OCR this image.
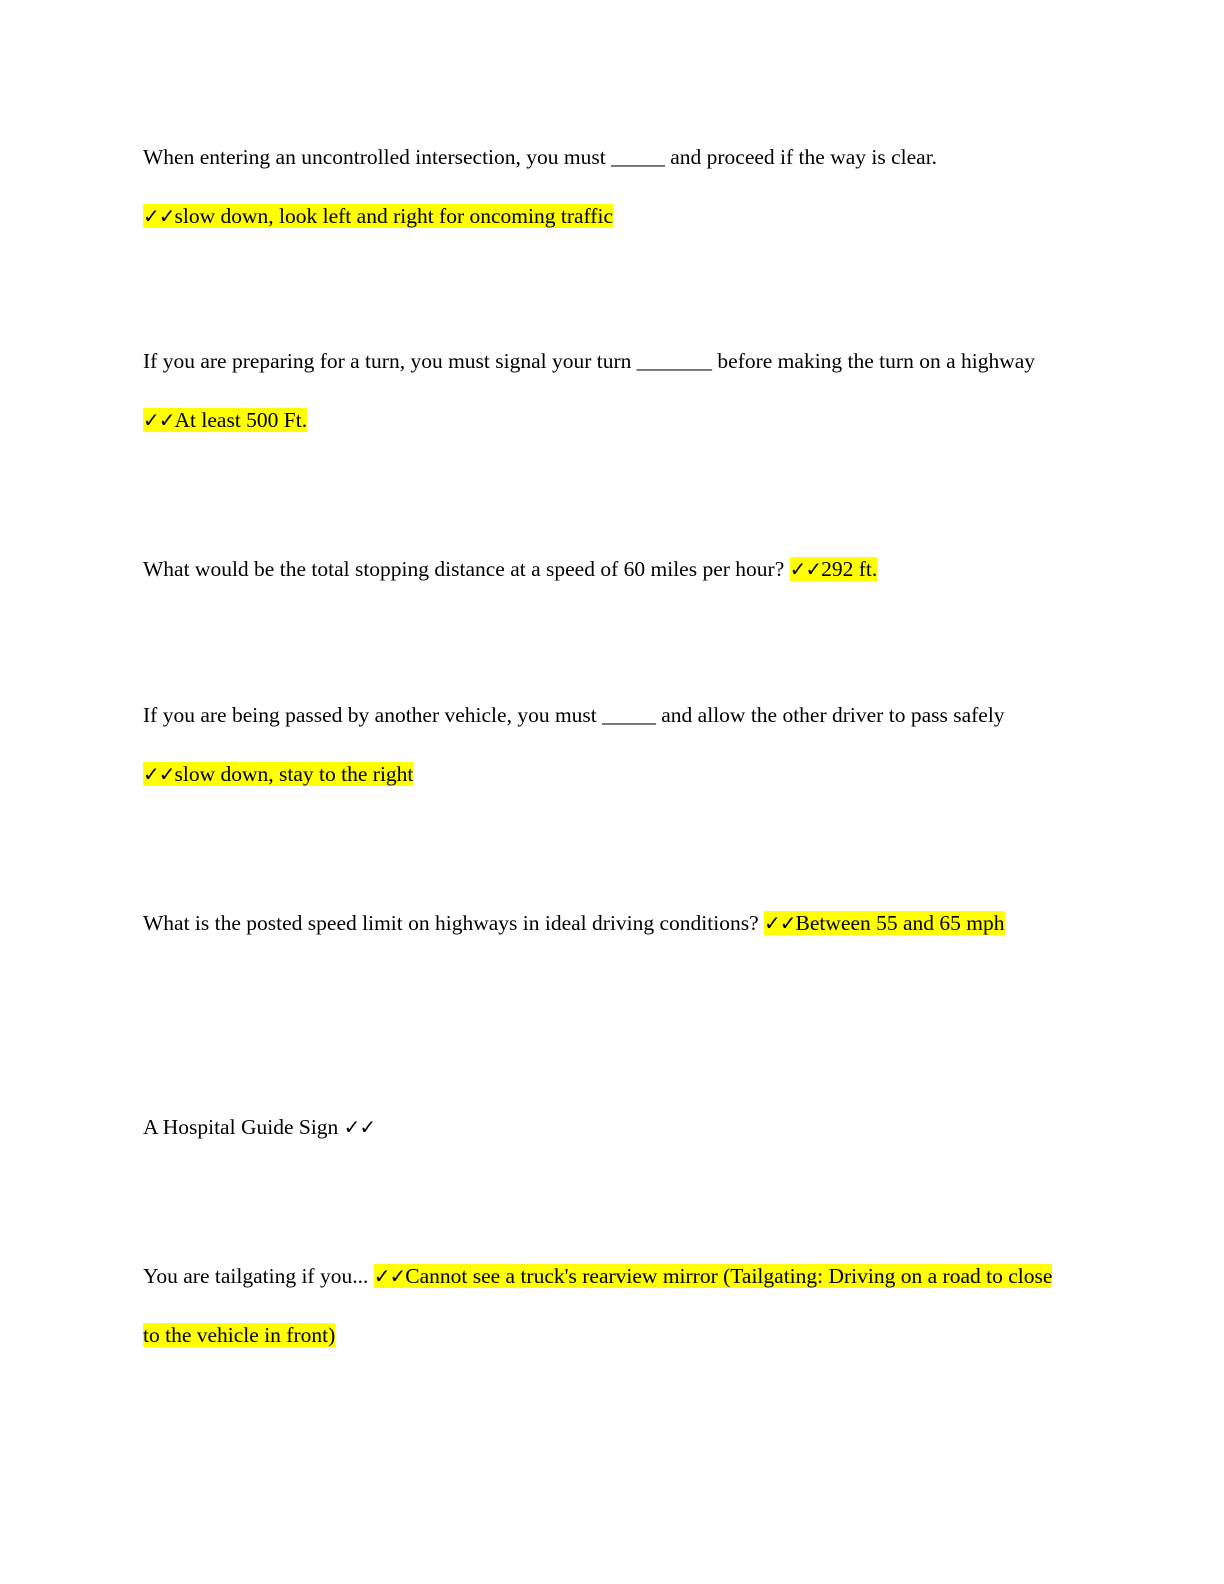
When entering an uncontrolled intersection, you must _____ and proceed if the way is clear.
✓✓slow down, look left and right for oncoming traffic

If you are preparing for a turn, you must signal your turn _______ before making the turn on a highway ✓✓At least 500 Ft.

What would be the total stopping distance at a speed of 60 miles per hour? ✓✓292 ft.

If you are being passed by another vehicle, you must _____ and allow the other driver to pass safely ✓✓slow down, stay to the right

What is the posted speed limit on highways in ideal driving conditions? ✓✓Between 55 and 65 mph

A Hospital Guide Sign ✓✓

You are tailgating if you... ✓✓Cannot see a truck's rearview mirror (Tailgating: Driving on a road to close to the vehicle in front)
